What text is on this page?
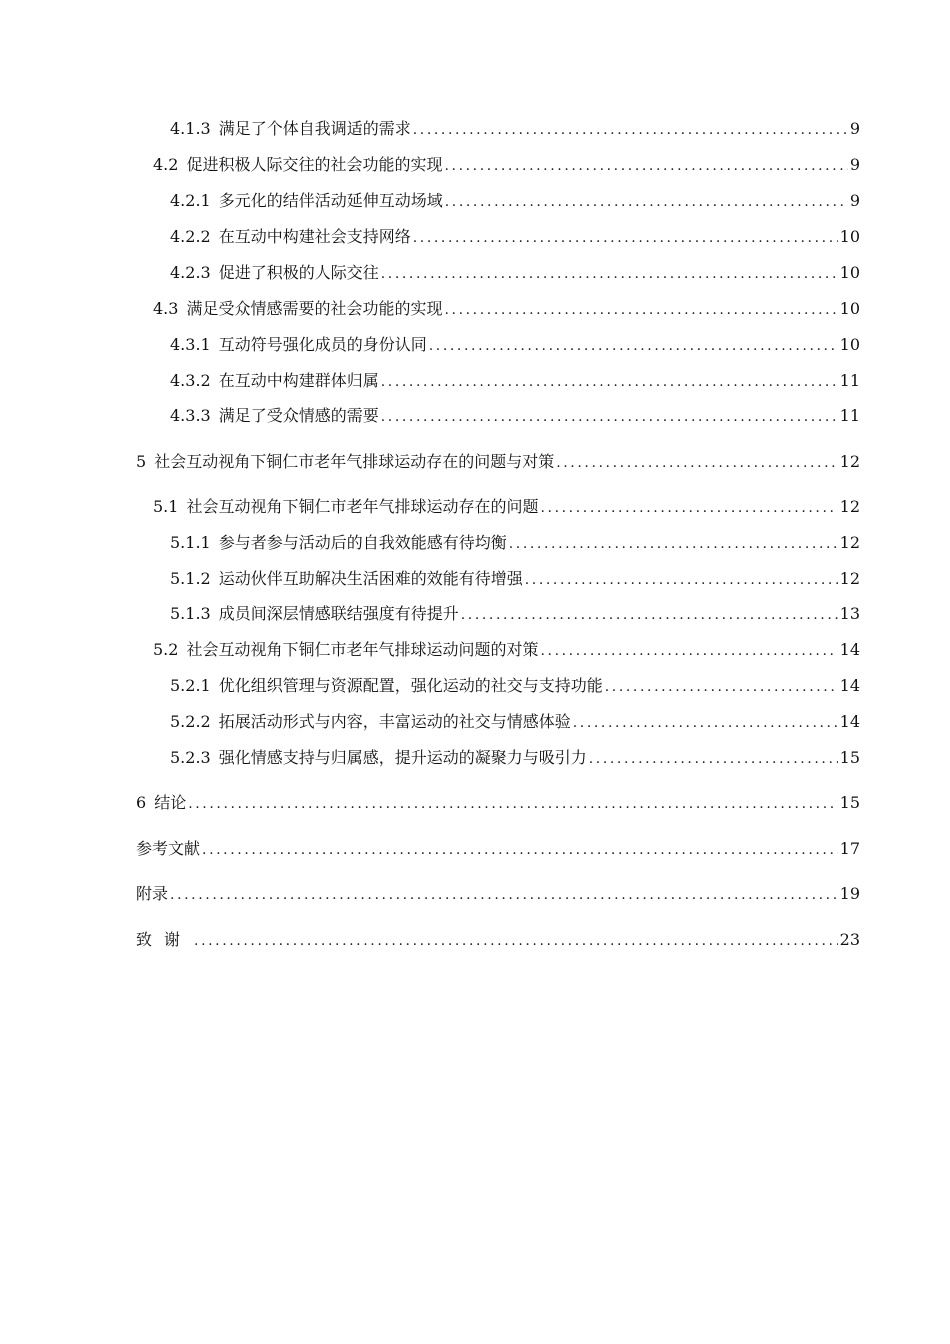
4.1.3 满足了个体自我调适的需求 .....	9
4.2 促进积极人际交往的社会功能的实现 .....	9
4.2.1 多元化的结伴活动延伸互动场域 .....	9
4.2.2 在互动中构建社会支持网络 .....	10
4.2.3 促进了积极的人际交往 .....	10
4.3 满足受众情感需要的社会功能的实现 .....	10
4.3.1 互动符号强化成员的身份认同 .....	10
4.3.2 在互动中构建群体归属 .....	11
4.3.3 满足了受众情感的需要 .....	11
5 社会互动视角下铜仁市老年气排球运动存在的问题与对策 .....	12
5.1 社会互动视角下铜仁市老年气排球运动存在的问题 .....	12
5.1.1 参与者参与活动后的自我效能感有待均衡 .....	12
5.1.2 运动伙伴互助解决生活困难的效能有待增强 .....	12
5.1.3 成员间深层情感联结强度有待提升 .....	13
5.2 社会互动视角下铜仁市老年气排球运动问题的对策 .....	14
5.2.1 优化组织管理与资源配置，强化运动的社交与支持功能 .....	14
5.2.2 拓展活动形式与内容，丰富运动的社交与情感体验 .....	14
5.2.3 强化情感支持与归属感，提升运动的凝聚力与吸引力 .....	15
6 结论 .....	15
参考文献 .....	17
附录 .....	19
致谢 .....	23
